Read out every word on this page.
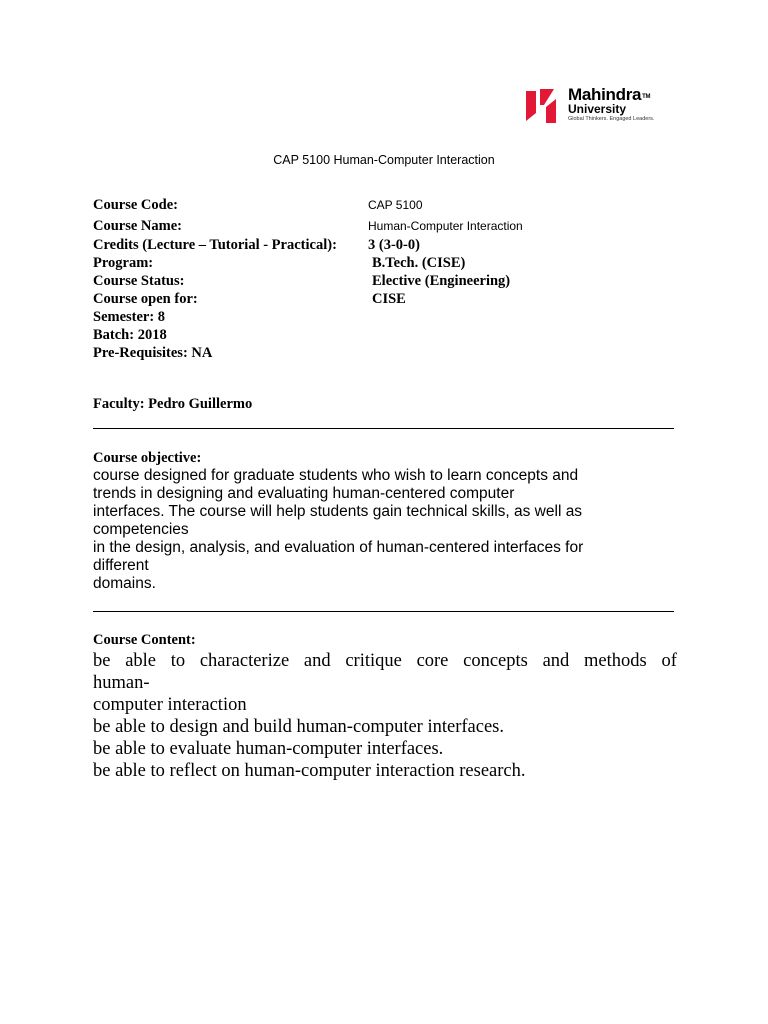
Mahindra™
University
Global Thinkers. Engaged Leaders.
CAP 5100 Human-Computer Interaction
Course Code:	CAP 5100
Course Name:	Human-Computer Interaction
Credits (Lecture – Tutorial - Practical): 3 (3-0-0)
Program:	B.Tech. (CISE)
Course Status:	Elective (Engineering)
Course open for:	CISE
Semester: 8
Batch: 2018
Pre-Requisites: NA
Faculty: Pedro Guillermo
Course objective:
course designed for graduate students who wish to learn concepts and
trends in designing and evaluating human-centered computer
interfaces. The course will help students gain technical skills, as well as
competencies
in the design, analysis, and evaluation of human-centered interfaces for
different
domains.
Course Content:
be able to characterize and critique core concepts and methods of
human-
computer interaction
be able to design and build human-computer interfaces.
be able to evaluate human-computer interfaces.
be able to reflect on human-computer interaction research.
